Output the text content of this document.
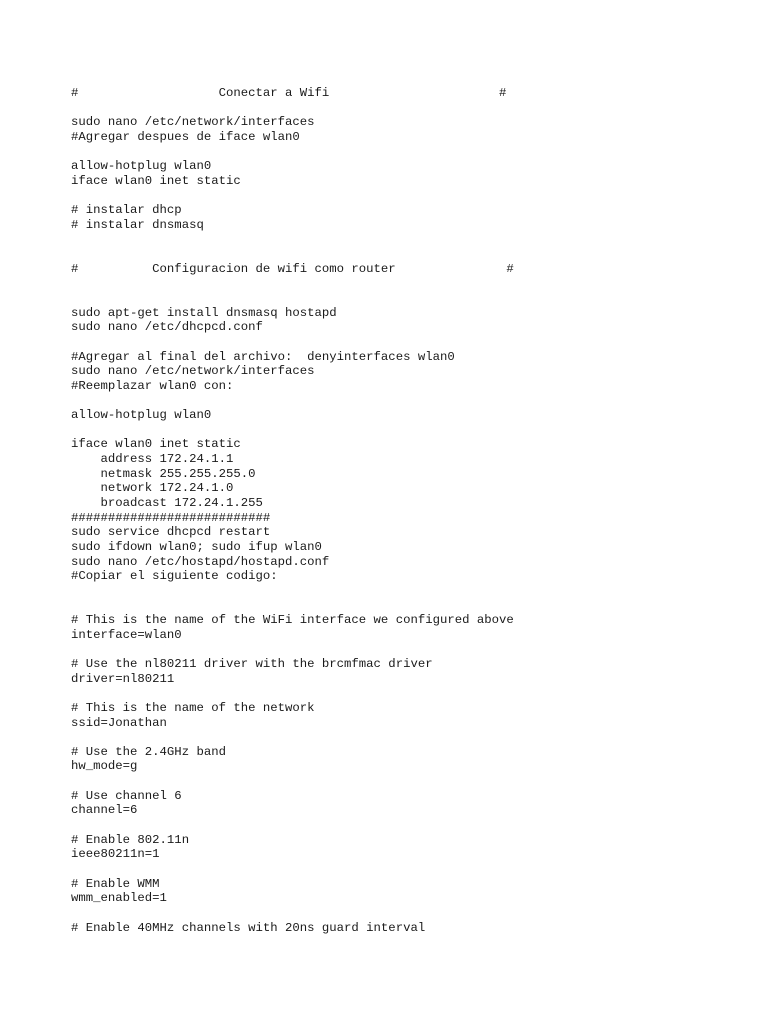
#                   Conectar a Wifi                       #
sudo nano /etc/network/interfaces
#Agregar despues de iface wlan0
allow-hotplug wlan0
iface wlan0 inet static
# instalar dhcp
# instalar dnsmasq
#          Configuracion de wifi como router               #
sudo apt-get install dnsmasq hostapd
sudo nano /etc/dhcpcd.conf
#Agregar al final del archivo:  denyinterfaces wlan0
sudo nano /etc/network/interfaces
#Reemplazar wlan0 con:
allow-hotplug wlan0
iface wlan0 inet static
address 172.24.1.1
netmask 255.255.255.0
network 172.24.1.0
broadcast 172.24.1.255
###########################
sudo service dhcpcd restart
sudo ifdown wlan0; sudo ifup wlan0
sudo nano /etc/hostapd/hostapd.conf
#Copiar el siguiente codigo:
# This is the name of the WiFi interface we configured above
interface=wlan0
# Use the nl80211 driver with the brcmfmac driver
driver=nl80211
# This is the name of the network
ssid=Jonathan
# Use the 2.4GHz band
hw_mode=g
# Use channel 6
channel=6
# Enable 802.11n
ieee80211n=1
# Enable WMM
wmm_enabled=1
# Enable 40MHz channels with 20ns guard interval
